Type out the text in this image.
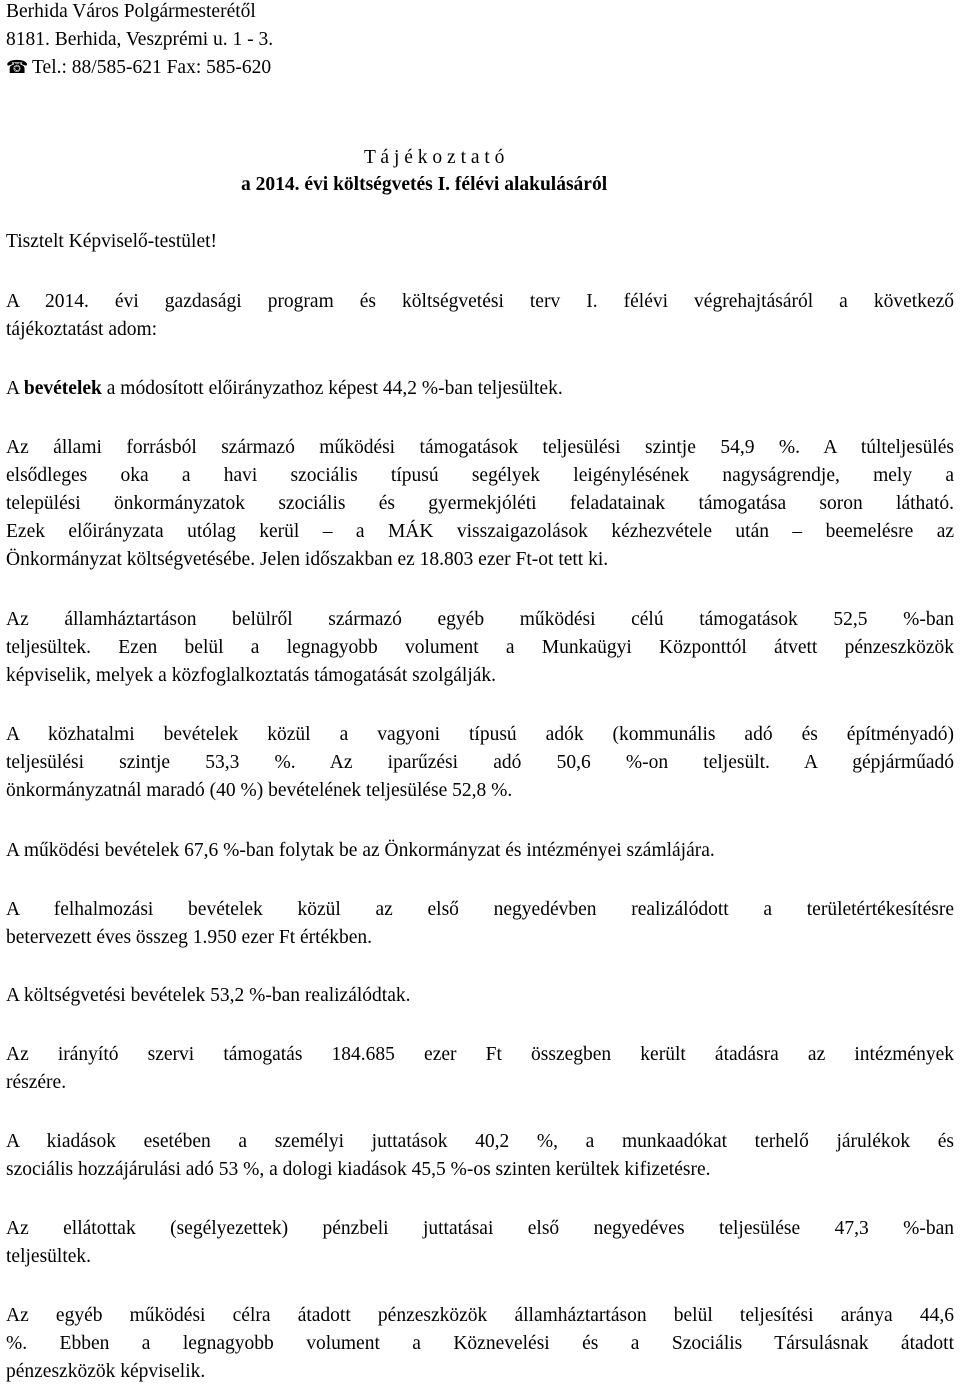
Berhida Város Polgármesterétől
8181. Berhida, Veszprémi u. 1 - 3.
☎ Tel.: 88/585-621 Fax: 585-620
T á j é k o z t a t ó
a 2014. évi költségvetés I. félévi alakulásáról
Tisztelt Képviselő-testület!
A 2014. évi gazdasági program és költségvetési terv I. félévi végrehajtásáról a következő
tájékoztatást adom:
A bevételek a módosított előirányzathoz képest 44,2 %-ban teljesültek.
Az állami forrásból származó működési támogatások teljesülési szintje 54,9 %. A túlteljesülés
elsődleges oka a havi szociális típusú segélyek leigénylésének nagyságrendje, mely a
települési önkormányzatok szociális és gyermekjóléti feladatainak támogatása soron látható.
Ezek előirányzata utólag kerül – a MÁK visszaigazolások kézhezvétele után – beemelésre az
Önkormányzat költségvetésébe. Jelen időszakban ez 18.803 ezer Ft-ot tett ki.
Az államháztartáson belülről származó egyéb működési célú támogatások 52,5 %-ban
teljesültek. Ezen belül a legnagyobb volument a Munkaügyi Központtól átvett pénzeszközök
képviselik, melyek a közfoglalkoztatás támogatását szolgálják.
A közhatalmi bevételek közül a vagyoni típusú adók (kommunális adó és építményadó)
teljesülési szintje 53,3 %. Az iparűzési adó 50,6 %-on teljesült. A gépjárműadó
önkormányzatnál maradó (40 %) bevételének teljesülése 52,8 %.
A működési bevételek 67,6 %-ban folytak be az Önkormányzat és intézményei számlájára.
A felhalmozási bevételek közül az első negyedévben realizálódott a területértékesítésre
betervezett éves összeg 1.950 ezer Ft értékben.
A költségvetési bevételek 53,2 %-ban realizálódtak.
Az irányító szervi támogatás 184.685 ezer Ft összegben került átadásra az intézmények
részére.
A kiadások esetében a személyi juttatások 40,2 %, a munkaadókat terhelő járulékok és
szociális hozzájárulási adó 53 %, a dologi kiadások 45,5 %-os szinten kerültek kifizetésre.
Az ellátottak (segélyezettek) pénzbeli juttatásai első negyedéves teljesülése 47,3 %-ban
teljesültek.
Az egyéb működési célra átadott pénzeszközök államháztartáson belül teljesítési aránya 44,6
%. Ebben a legnagyobb volument a Köznevelési és a Szociális Társulásnak átadott
pénzeszközök képviselik.
